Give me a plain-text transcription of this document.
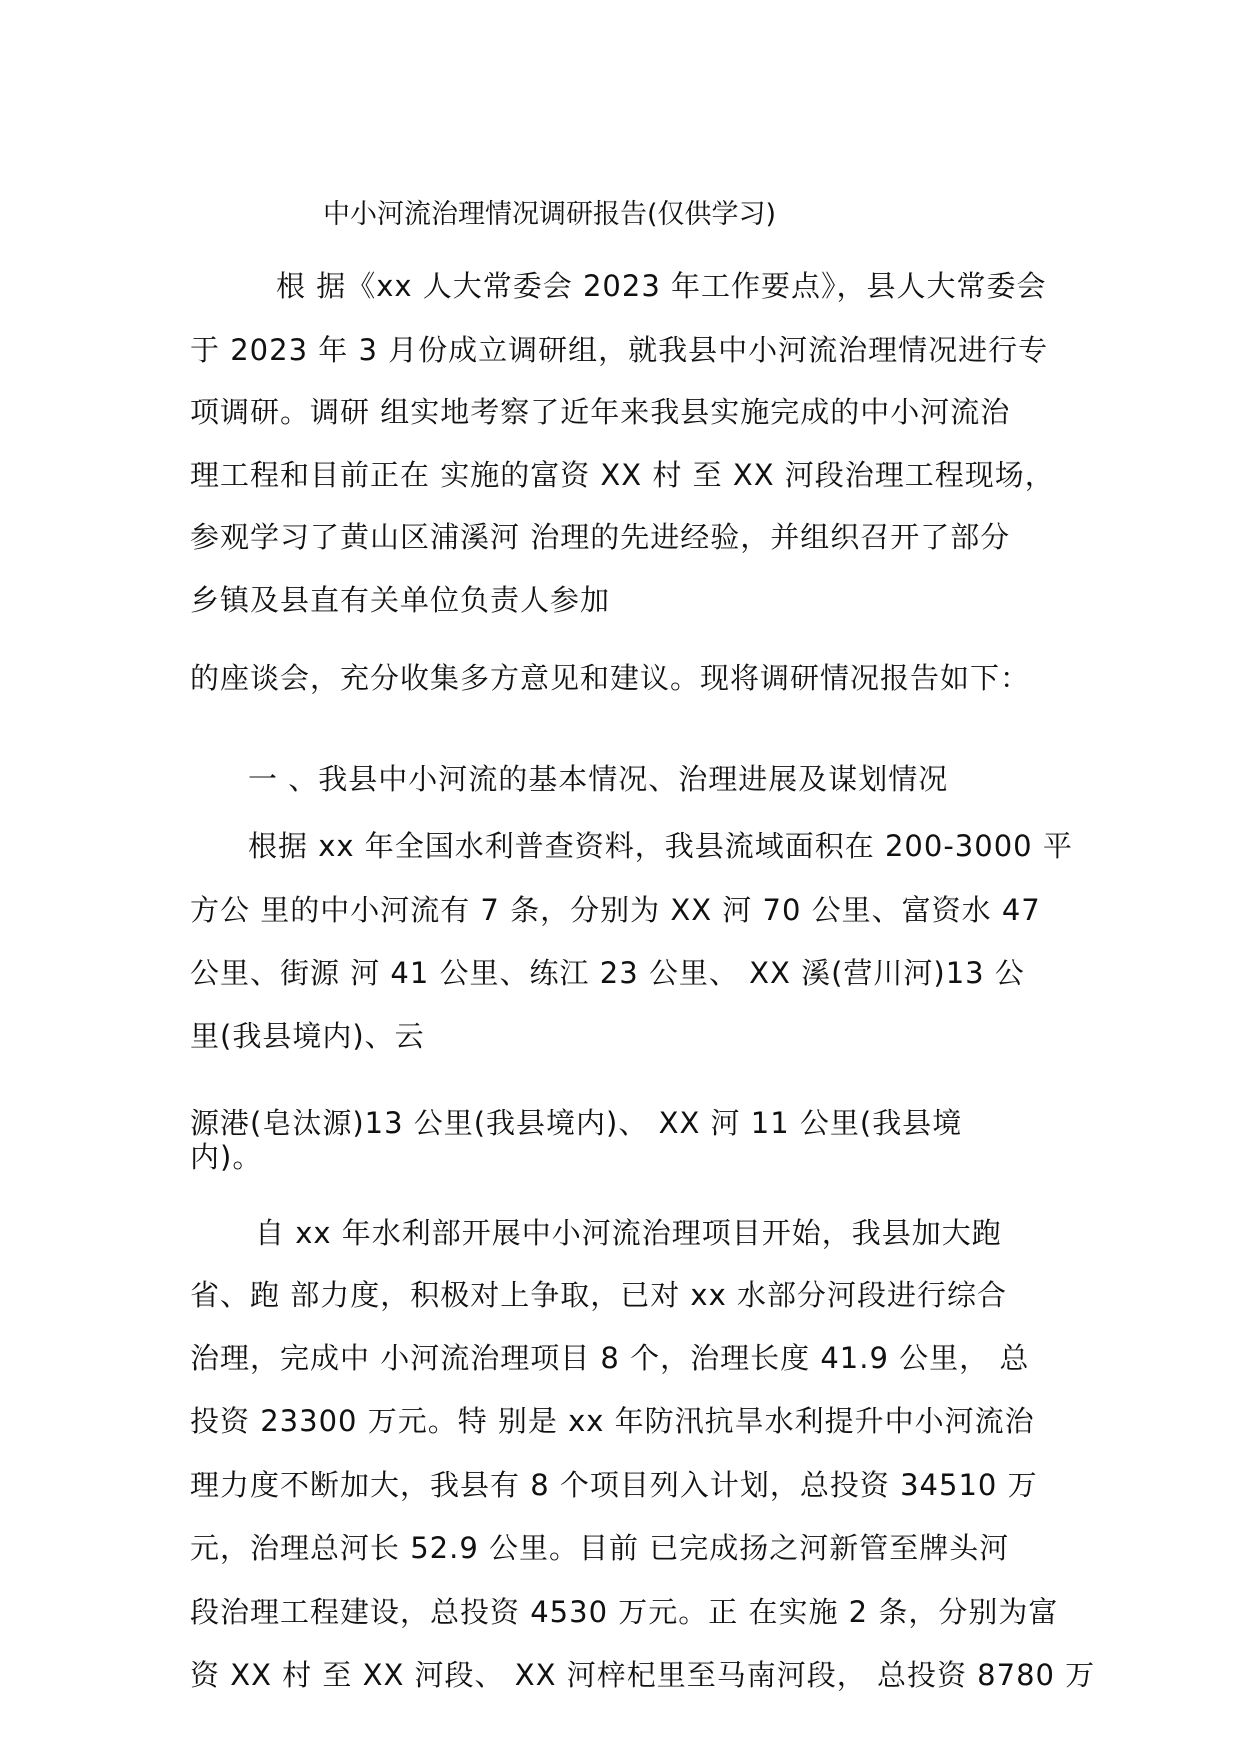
中小河流治理情况调研报告(仅供学习)
根 据《xx 人大常委会 2023 年工作要点》，县人大常委会
于 2023 年 3 月份成立调研组，就我县中小河流治理情况进行专
项调研。调研 组实地考察了近年来我县实施完成的中小河流治
理工程和目前正在 实施的富资 XX 村 至 XX 河段治理工程现场，
参观学习了黄山区浦溪河 治理的先进经验，并组织召开了部分
乡镇及县直有关单位负责人参加
的座谈会，充分收集多方意见和建议。现将调研情况报告如下：
一 、我县中小河流的基本情况、治理进展及谋划情况
根据 xx 年全国水利普查资料，我县流域面积在 200-3000 平
方公 里的中小河流有 7 条，分别为 XX 河 70 公里、富资水 47
公里、街源 河 41 公里、练江 23 公里、 XX 溪(营川河)13 公
里(我县境内)、云
源港(皂汰源)13 公里(我县境内)、 XX 河 11 公里(我县境
内)。
自 xx 年水利部开展中小河流治理项目开始，我县加大跑
省、跑 部力度，积极对上争取，已对 xx 水部分河段进行综合
治理，完成中 小河流治理项目 8 个，治理长度 41.9 公里， 总
投资 23300 万元。特 别是 xx 年防汛抗旱水利提升中小河流治
理力度不断加大，我县有 8 个项目列入计划，总投资 34510 万
元，治理总河长 52.9 公里。目前 已完成扬之河新管至牌头河
段治理工程建设，总投资 4530 万元。正 在实施 2 条，分别为富
资 XX 村 至 XX 河段、 XX 河梓杞里至马南河段， 总投资 8780 万
